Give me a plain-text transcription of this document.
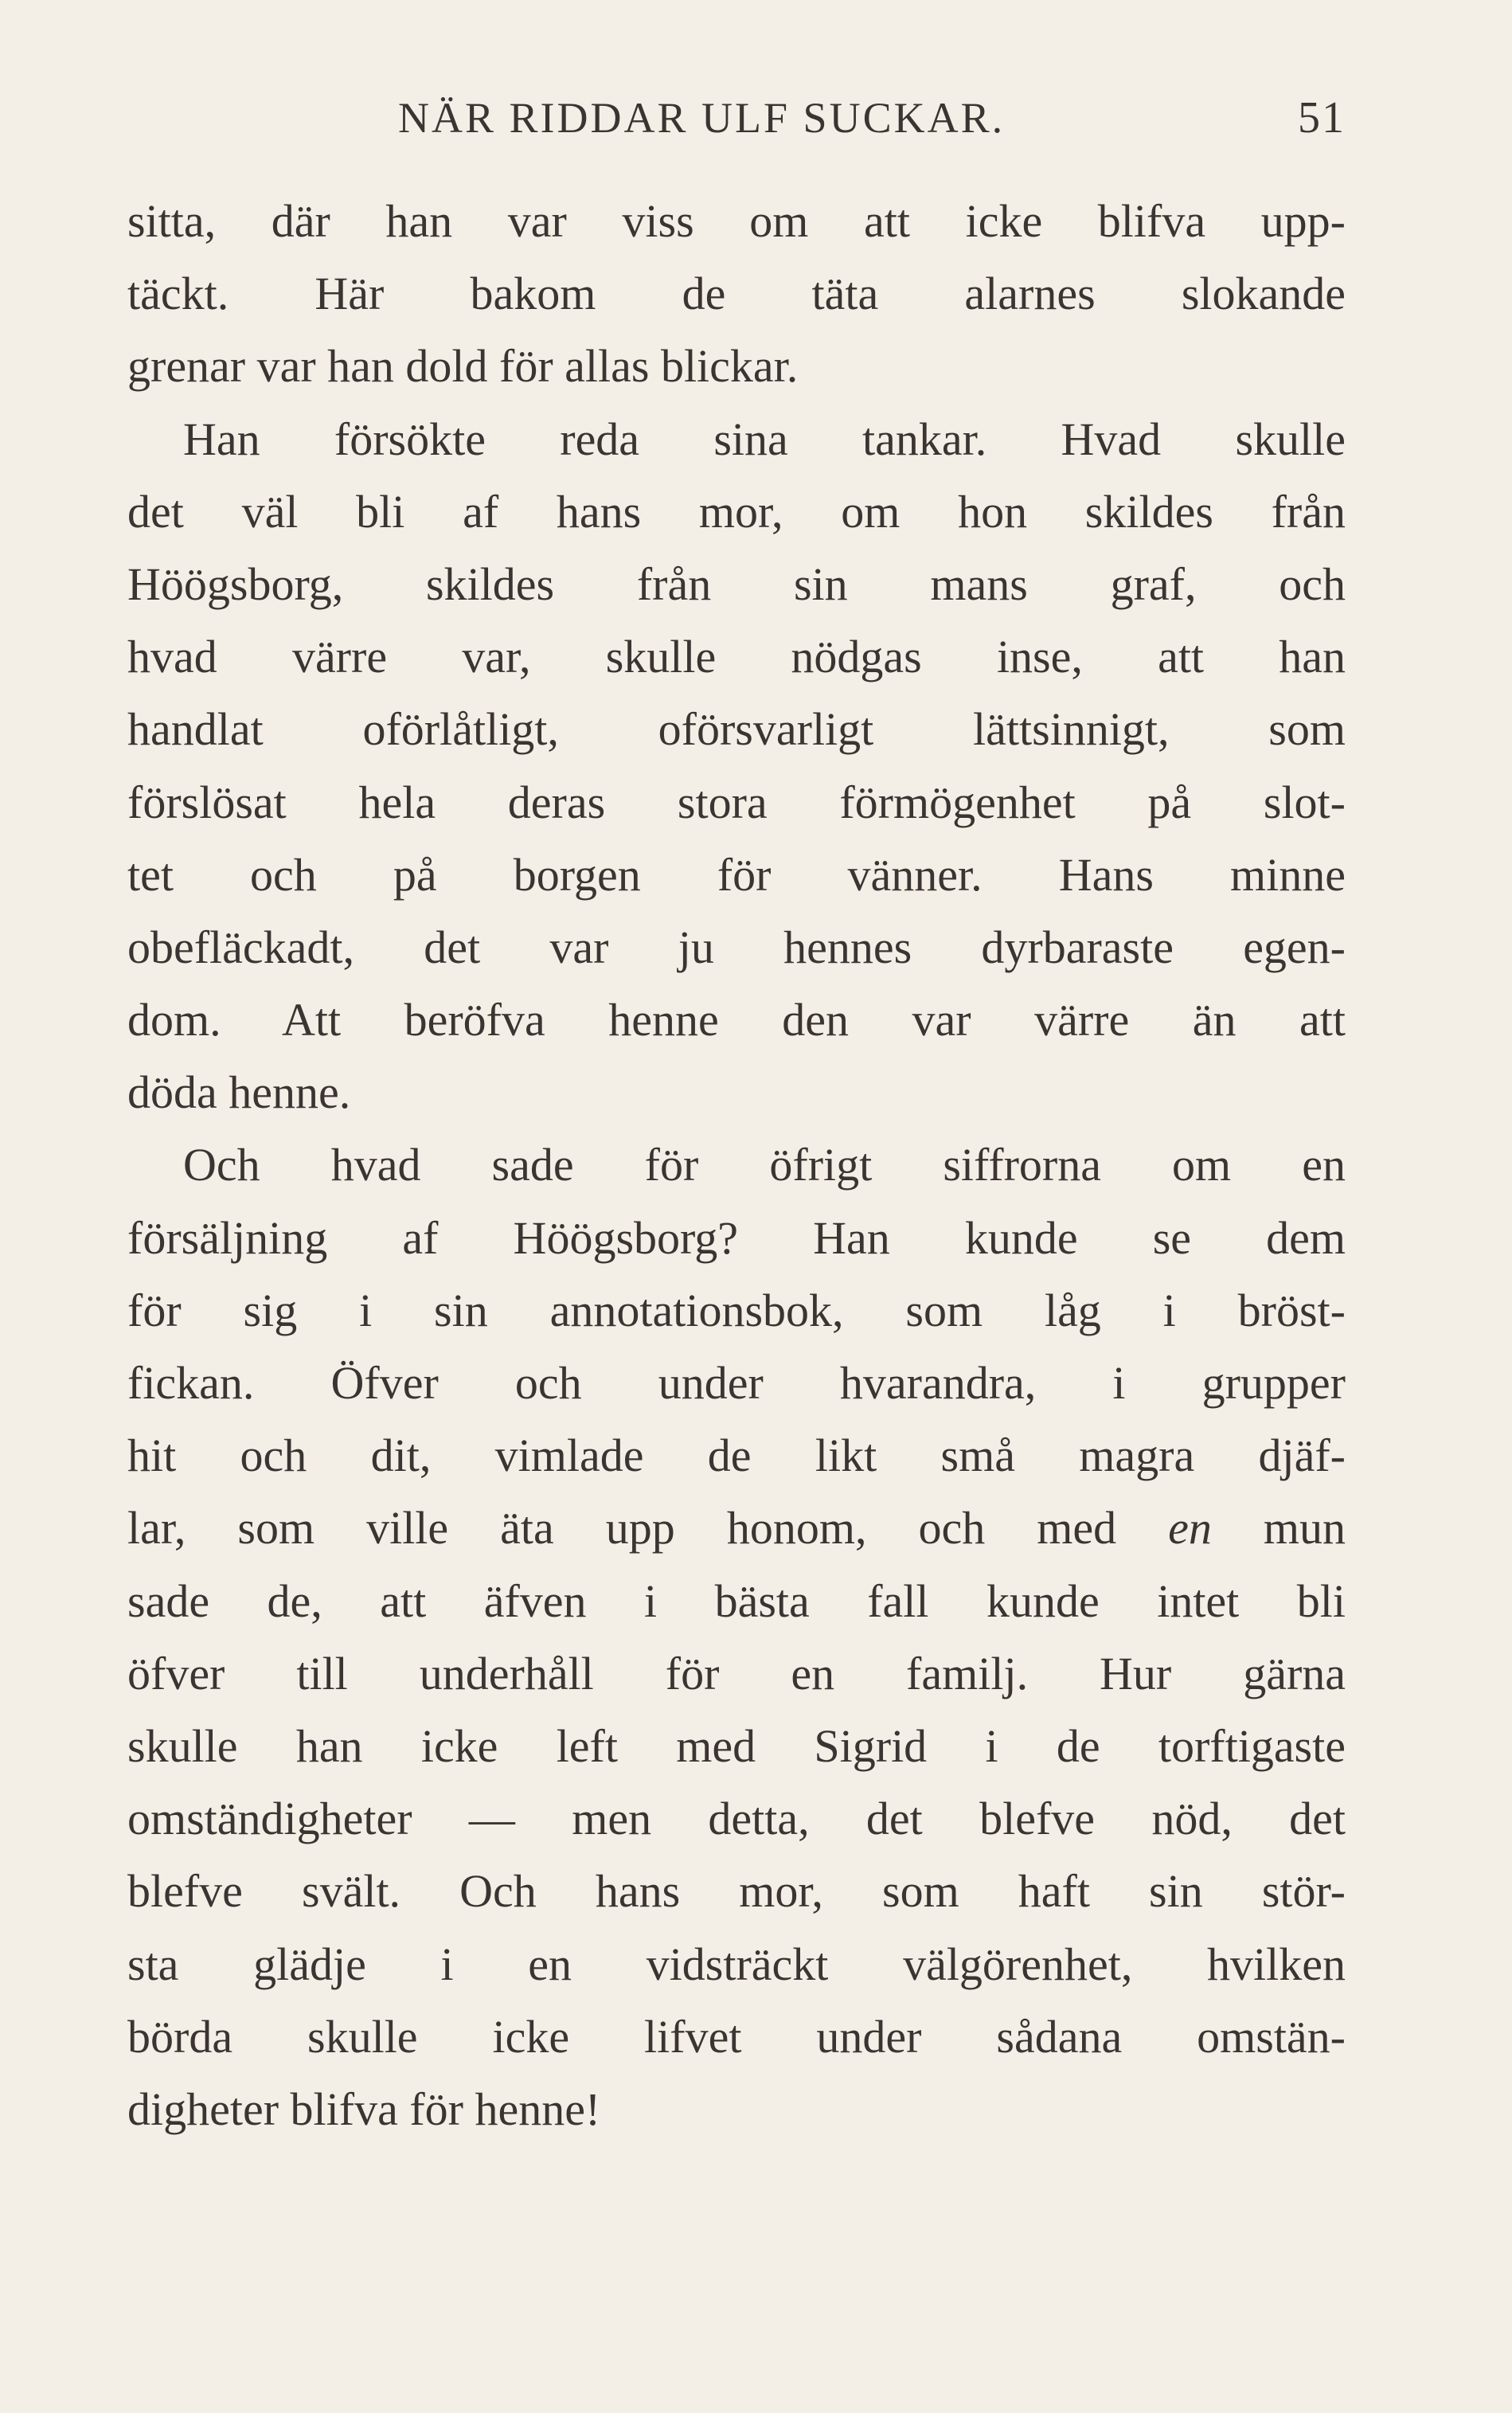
NÄR RIDDAR ULF SUCKAR.	51
sitta, där han var viss om att icke blifva upp-
täckt. Här bakom de täta alarnes slokande
grenar var han dold för allas blickar.
Han försökte reda sina tankar. Hvad skulle
det väl bli af hans mor, om hon skildes från
Höögsborg, skildes från sin mans graf, och
hvad värre var, skulle nödgas inse, att han
handlat oförlåtligt, oförsvarligt lättsinnigt, som
förslösat hela deras stora förmögenhet på slot-
tet och på borgen för vänner. Hans minne
obefläckadt, det var ju hennes dyrbaraste egen-
dom. Att beröfva henne den var värre än att
döda henne.
Och hvad sade för öfrigt siffrorna om en
försäljning af Höögsborg? Han kunde se dem
för sig i sin annotationsbok, som låg i bröst-
fickan. Öfver och under hvarandra, i grupper
hit och dit, vimlade de likt små magra djäf-
lar, som ville äta upp honom, och med en mun
sade de, att äfven i bästa fall kunde intet bli
öfver till underhåll för en familj. Hur gärna
skulle han icke left med Sigrid i de torftigaste
omständigheter — men detta, det blefve nöd, det
blefve svält. Och hans mor, som haft sin stör-
sta glädje i en vidsträckt välgörenhet, hvilken
börda skulle icke lifvet under sådana omstän-
digheter blifva för henne!
